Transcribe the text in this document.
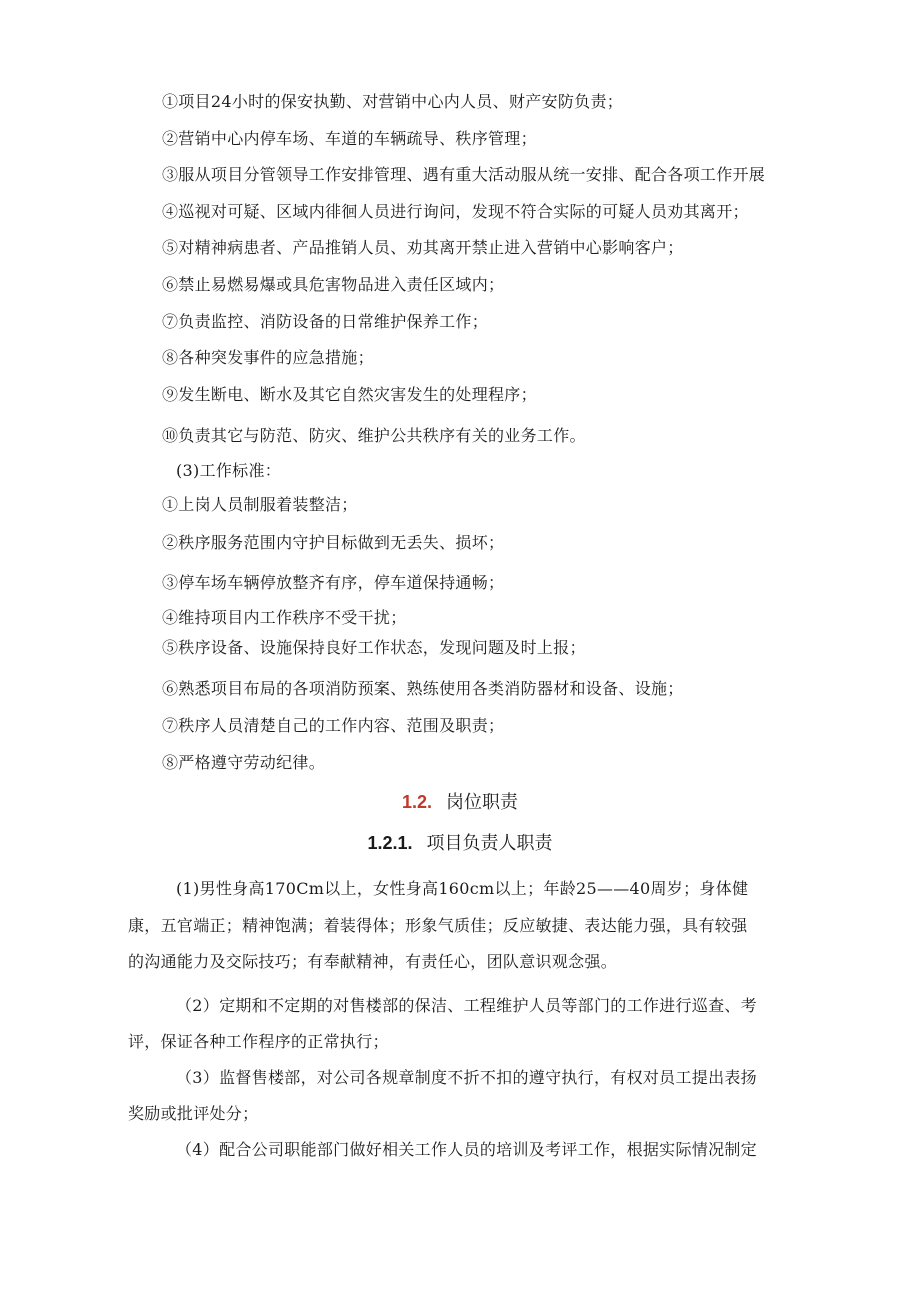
①项目24小时的保安执勤、对营销中心内人员、财产安防负责；
②营销中心内停车场、车道的车辆疏导、秩序管理；
③服从项目分管领导工作安排管理、遇有重大活动服从统一安排、配合各项工作开展
④巡视对可疑、区域内徘徊人员进行询问，发现不符合实际的可疑人员劝其离开；
⑤对精神病患者、产品推销人员、劝其离开禁止进入营销中心影响客户；
⑥禁止易燃易爆或具危害物品进入责任区域内；
⑦负责监控、消防设备的日常维护保养工作；
⑧各种突发事件的应急措施；
⑨发生断电、断水及其它自然灾害发生的处理程序；
⑩负责其它与防范、防灾、维护公共秩序有关的业务工作。
(3)工作标准：
①上岗人员制服着装整洁；
②秩序服务范围内守护目标做到无丢失、损坏；
③停车场车辆停放整齐有序，停车道保持通畅；
④维持项目内工作秩序不受干扰；
⑤秩序设备、设施保持良好工作状态，发现问题及时上报；
⑥熟悉项目布局的各项消防预案、熟练使用各类消防器材和设备、设施；
⑦秩序人员清楚自己的工作内容、范围及职责；
⑧严格遵守劳动纪律。
1.2. 岗位职责
1.2.1. 项目负责人职责
(1)男性身高170Cm以上，女性身高160cm以上；年龄25——40周岁；身体健
康，五官端正；精神饱满；着装得体；形象气质佳；反应敏捷、表达能力强，具有较强
的沟通能力及交际技巧；有奉献精神，有责任心，团队意识观念强。
（2）定期和不定期的对售楼部的保洁、工程维护人员等部门的工作进行巡查、考
评，保证各种工作程序的正常执行；
（3）监督售楼部，对公司各规章制度不折不扣的遵守执行，有权对员工提出表扬
奖励或批评处分；
（4）配合公司职能部门做好相关工作人员的培训及考评工作，根据实际情况制定
